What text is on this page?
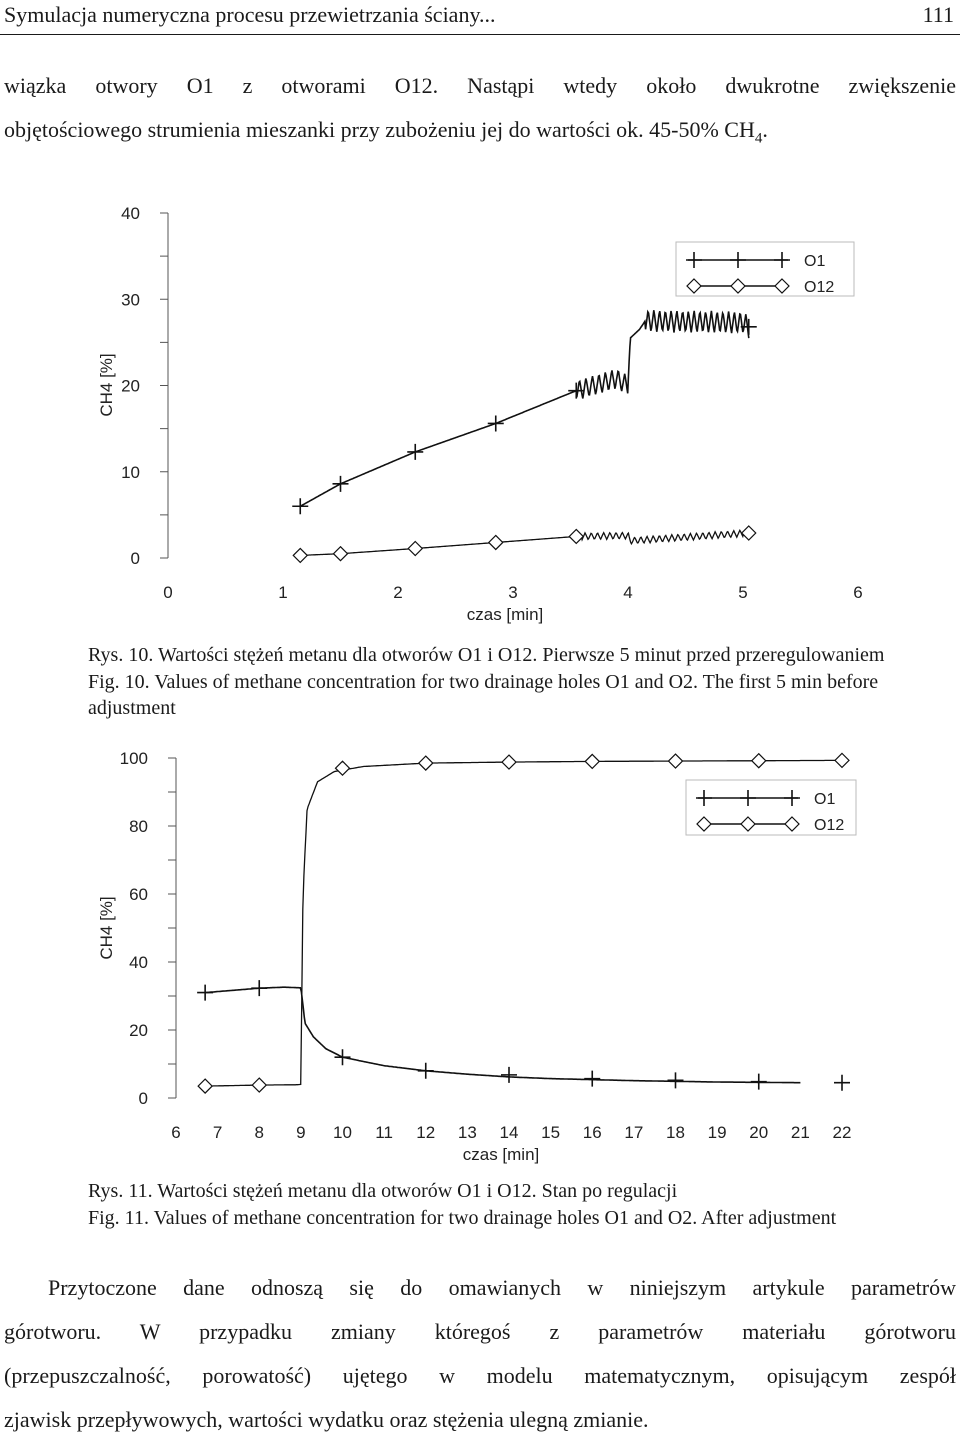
Symulacja numeryczna procesu przewietrzania ściany...	111
wiązka otwory O1 z otworami O12. Nastąpi wtedy około dwukrotne zwiększenie
objętościowego strumienia mieszanki przy zubożeniu jej do wartości ok. 45-50% $CH_4$.
0
10
20
30
40
0	1	2	3	4	5	6
czas [min]
CH4 [%]
O1
O12
Rys. 10. Wartości stężeń metanu dla otworów O1 i O12. Pierwsze 5 minut przed przeregulowaniem
Fig. 10. Values of methane concentration for two drainage holes O1 and O2. The first 5 min before
adjustment
0
20
40
60
80
100
6 7 8 9 10 11 12 13 14 15 16 17 18 19 20 21 22
czas [min]
CH4 [%]
O1
O12
Rys. 11. Wartości stężeń metanu dla otworów O1 i O12. Stan po regulacji
Fig. 11. Values of methane concentration for two drainage holes O1 and O2. After adjustment
Przytoczone dane odnoszą się do omawianych w niniejszym artykule parametrów
górotworu. W przypadku zmiany któregoś z parametrów materiału górotworu
(przepuszczalność, porowatość) ujętego w modelu matematycznym, opisującym zespół
zjawisk przepływowych, wartości wydatku oraz stężenia ulegną zmianie.
